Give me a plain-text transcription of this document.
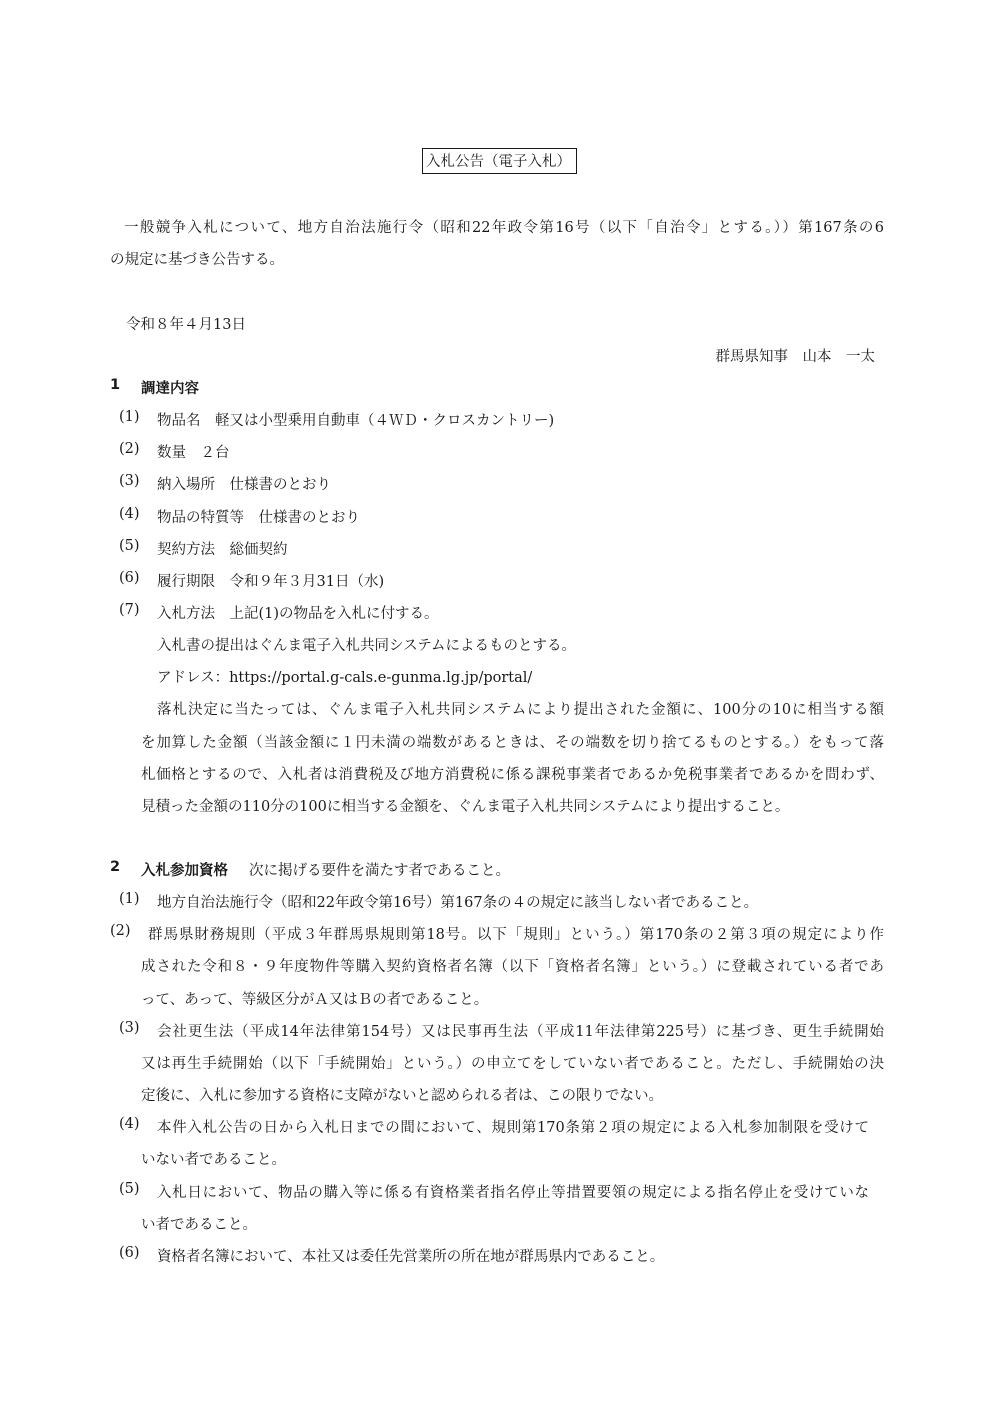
入札公告（電子入札）
一般競争入札について、地方自治法施行令（昭和22年政令第16号（以下「自治令」とする。））第167条の6
の規定に基づき公告する。
令和８年４月13日
群馬県知事　山本　一太
1 調達内容
(1) 物品名　軽又は小型乗用自動車（４ＷＤ・クロスカントリー)
(2) 数量　２台
(3) 納入場所　仕様書のとおり
(4) 物品の特質等　仕様書のとおり
(5) 契約方法　総価契約
(6) 履行期限　令和９年３月31日（水)
(7) 入札方法　上記(1)の物品を入札に付する。
入札書の提出はぐんま電子入札共同システムによるものとする。
アドレス：https://portal.g-cals.e-gunma.lg.jp/portal/
落札決定に当たっては、ぐんま電子入札共同システムにより提出された金額に、100分の10に相当する額
を加算した金額（当該金額に１円未満の端数があるときは、その端数を切り捨てるものとする。）をもって落
札価格とするので、入札者は消費税及び地方消費税に係る課税事業者であるか免税事業者であるかを問わず、
見積った金額の110分の100に相当する金額を、ぐんま電子入札共同システムにより提出すること。
2 入札参加資格 次に掲げる要件を満たす者であること。
(1) 地方自治法施行令（昭和22年政令第16号）第167条の４の規定に該当しない者であること。
(2) 群馬県財務規則（平成３年群馬県規則第18号。以下「規則」という。）第170条の２第３項の規定により作
成された令和８・９年度物件等購入契約資格者名簿（以下「資格者名簿」という。）に登載されている者であ
って、あって、等級区分がＡ又はＢの者であること。
(3) 会社更生法（平成14年法律第154号）又は民事再生法（平成11年法律第225号）に基づき、更生手続開始
又は再生手続開始（以下「手続開始」という。）の申立てをしていない者であること。ただし、手続開始の決
定後に、入札に参加する資格に支障がないと認められる者は、この限りでない。
(4) 本件入札公告の日から入札日までの間において、規則第170条第２項の規定による入札参加制限を受けて
いない者であること。
(5) 入札日において、物品の購入等に係る有資格業者指名停止等措置要領の規定による指名停止を受けていな
い者であること。
(6) 資格者名簿において、本社又は委任先営業所の所在地が群馬県内であること。
